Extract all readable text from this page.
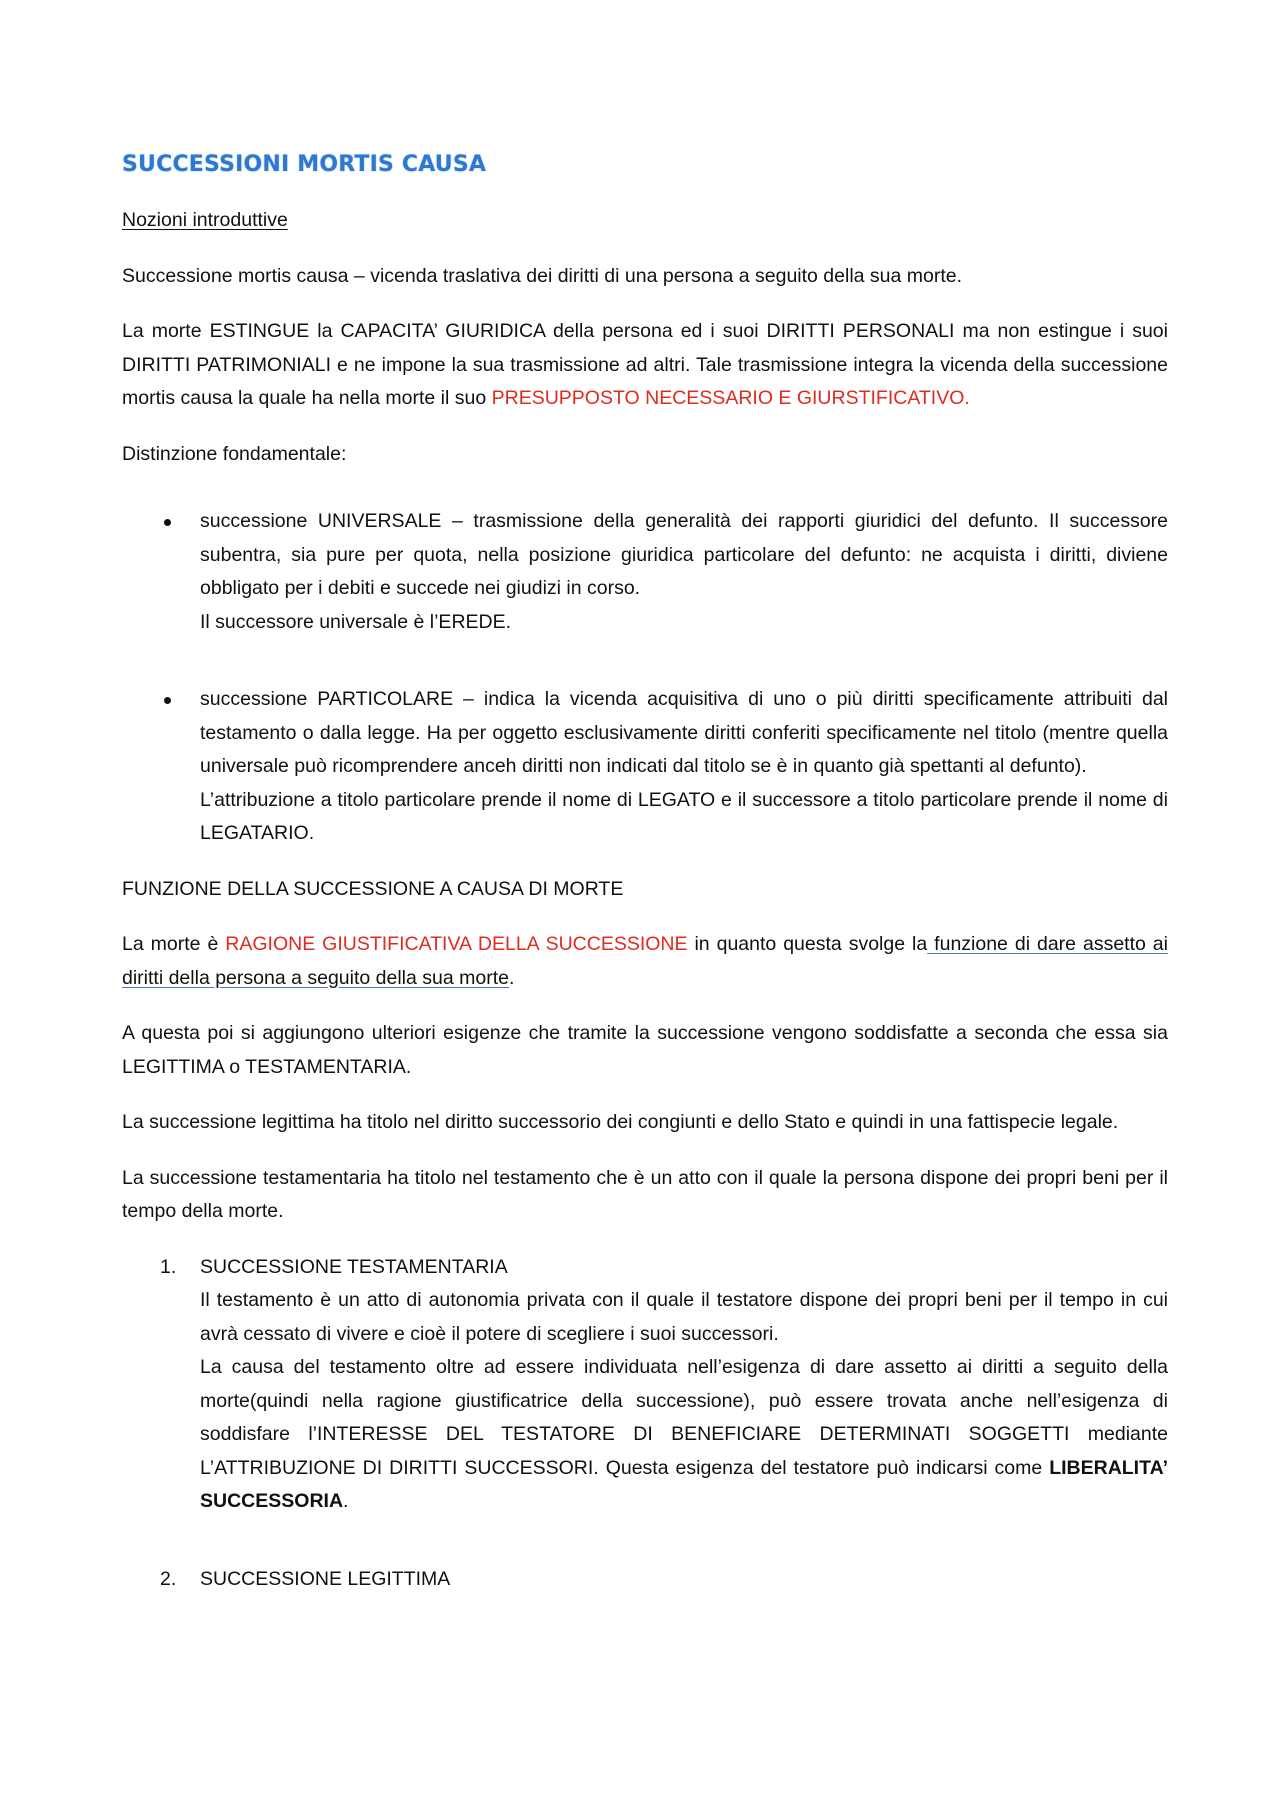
SUCCESSIONI MORTIS CAUSA

Nozioni introduttive

Successione mortis causa – vicenda traslativa dei diritti di una persona a seguito della sua morte.

La morte ESTINGUE la CAPACITA’ GIURIDICA della persona ed i suoi DIRITTI PERSONALI ma non estingue i suoi DIRITTI PATRIMONIALI e ne impone la sua trasmissione ad altri. Tale trasmissione integra la vicenda della successione mortis causa la quale ha nella morte il suo PRESUPPOSTO NECESSARIO E GIURSTIFICATIVO.

Distinzione fondamentale:

successione UNIVERSALE – trasmissione della generalità dei rapporti giuridici del defunto. Il successore subentra, sia pure per quota, nella posizione giuridica particolare del defunto: ne acquista i diritti, diviene obbligato per i debiti e succede nei giudizi in corso.
Il successore universale è l’EREDE.
successione PARTICOLARE – indica la vicenda acquisitiva di uno o più diritti specificamente attribuiti dal testamento o dalla legge. Ha per oggetto esclusivamente diritti conferiti specificamente nel titolo (mentre quella universale può ricomprendere anceh diritti non indicati dal titolo se è in quanto già spettanti al defunto).
L’attribuzione a titolo particolare prende il nome di LEGATO e il successore a titolo particolare prende il nome di LEGATARIO.

FUNZIONE DELLA SUCCESSIONE A CAUSA DI MORTE

La morte è RAGIONE GIUSTIFICATIVA DELLA SUCCESSIONE in quanto questa svolge la funzione di dare assetto ai diritti della persona a seguito della sua morte.

A questa poi si aggiungono ulteriori esigenze che tramite la successione vengono soddisfatte a seconda che essa sia LEGITTIMA o TESTAMENTARIA.

La successione legittima ha titolo nel diritto successorio dei congiunti e dello Stato e quindi in una fattispecie legale.

La successione testamentaria ha titolo nel testamento che è un atto con il quale la persona dispone dei propri beni per il tempo della morte.

1. SUCCESSIONE TESTAMENTARIA
Il testamento è un atto di autonomia privata con il quale il testatore dispone dei propri beni per il tempo in cui avrà cessato di vivere e cioè il potere di scegliere i suoi successori.
La causa del testamento oltre ad essere individuata nell’esigenza di dare assetto ai diritti a seguito della morte(quindi nella ragione giustificatrice della successione), può essere trovata anche nell’esigenza di soddisfare l’INTERESSE DEL TESTATORE DI BENEFICIARE DETERMINATI SOGGETTI mediante L’ATTRIBUZIONE DI DIRITTI SUCCESSORI. Questa esigenza del testatore può indicarsi come LIBERALITA’ SUCCESSORIA.
2. SUCCESSIONE LEGITTIMA
